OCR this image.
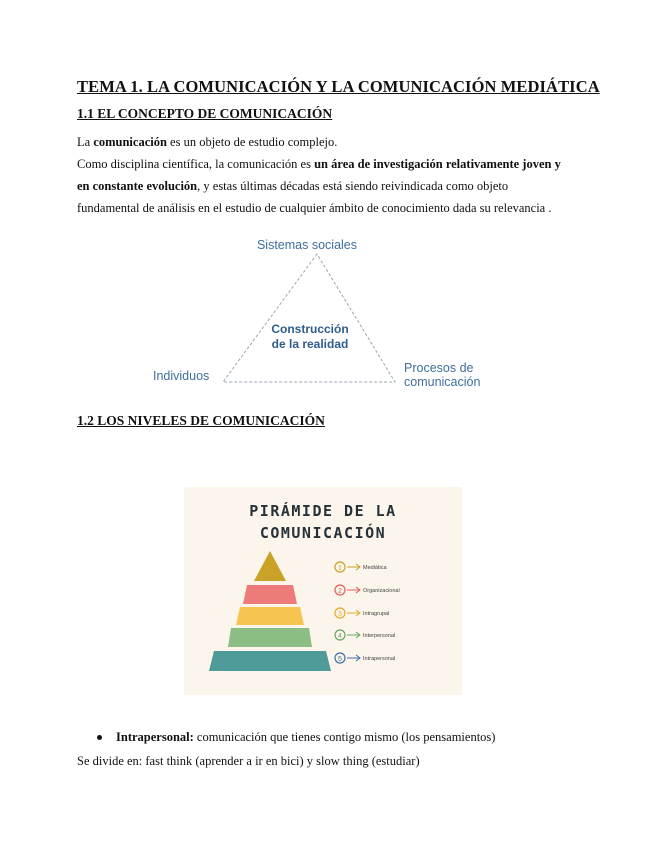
TEMA 1. LA COMUNICACIÓN Y LA COMUNICACIÓN MEDIÁTICA
1.1 EL CONCEPTO DE COMUNICACIÓN
La comunicación es un objeto de estudio complejo.
Como disciplina científica, la comunicación es un área de investigación relativamente joven y
en constante evolución, y estas últimas décadas está siendo reivindicada como objeto
fundamental de análisis en el estudio de cualquier ámbito de conocimiento dada su relevancia .
Sistemas sociales
Construcción
de la realidad
Individuos
Procesos de
comunicación
1.2 LOS NIVELES DE COMUNICACIÓN
PIRÁMIDE DE LA
COMUNICACIÓN
1	Mediática
2	Organizacional
3	Intragrupal
4	Interpersonal
5	Intrapersonal
Intrapersonal: comunicación que tienes contigo mismo (los pensamientos)
Se divide en: fast think (aprender a ir en bici) y slow thing (estudiar)
